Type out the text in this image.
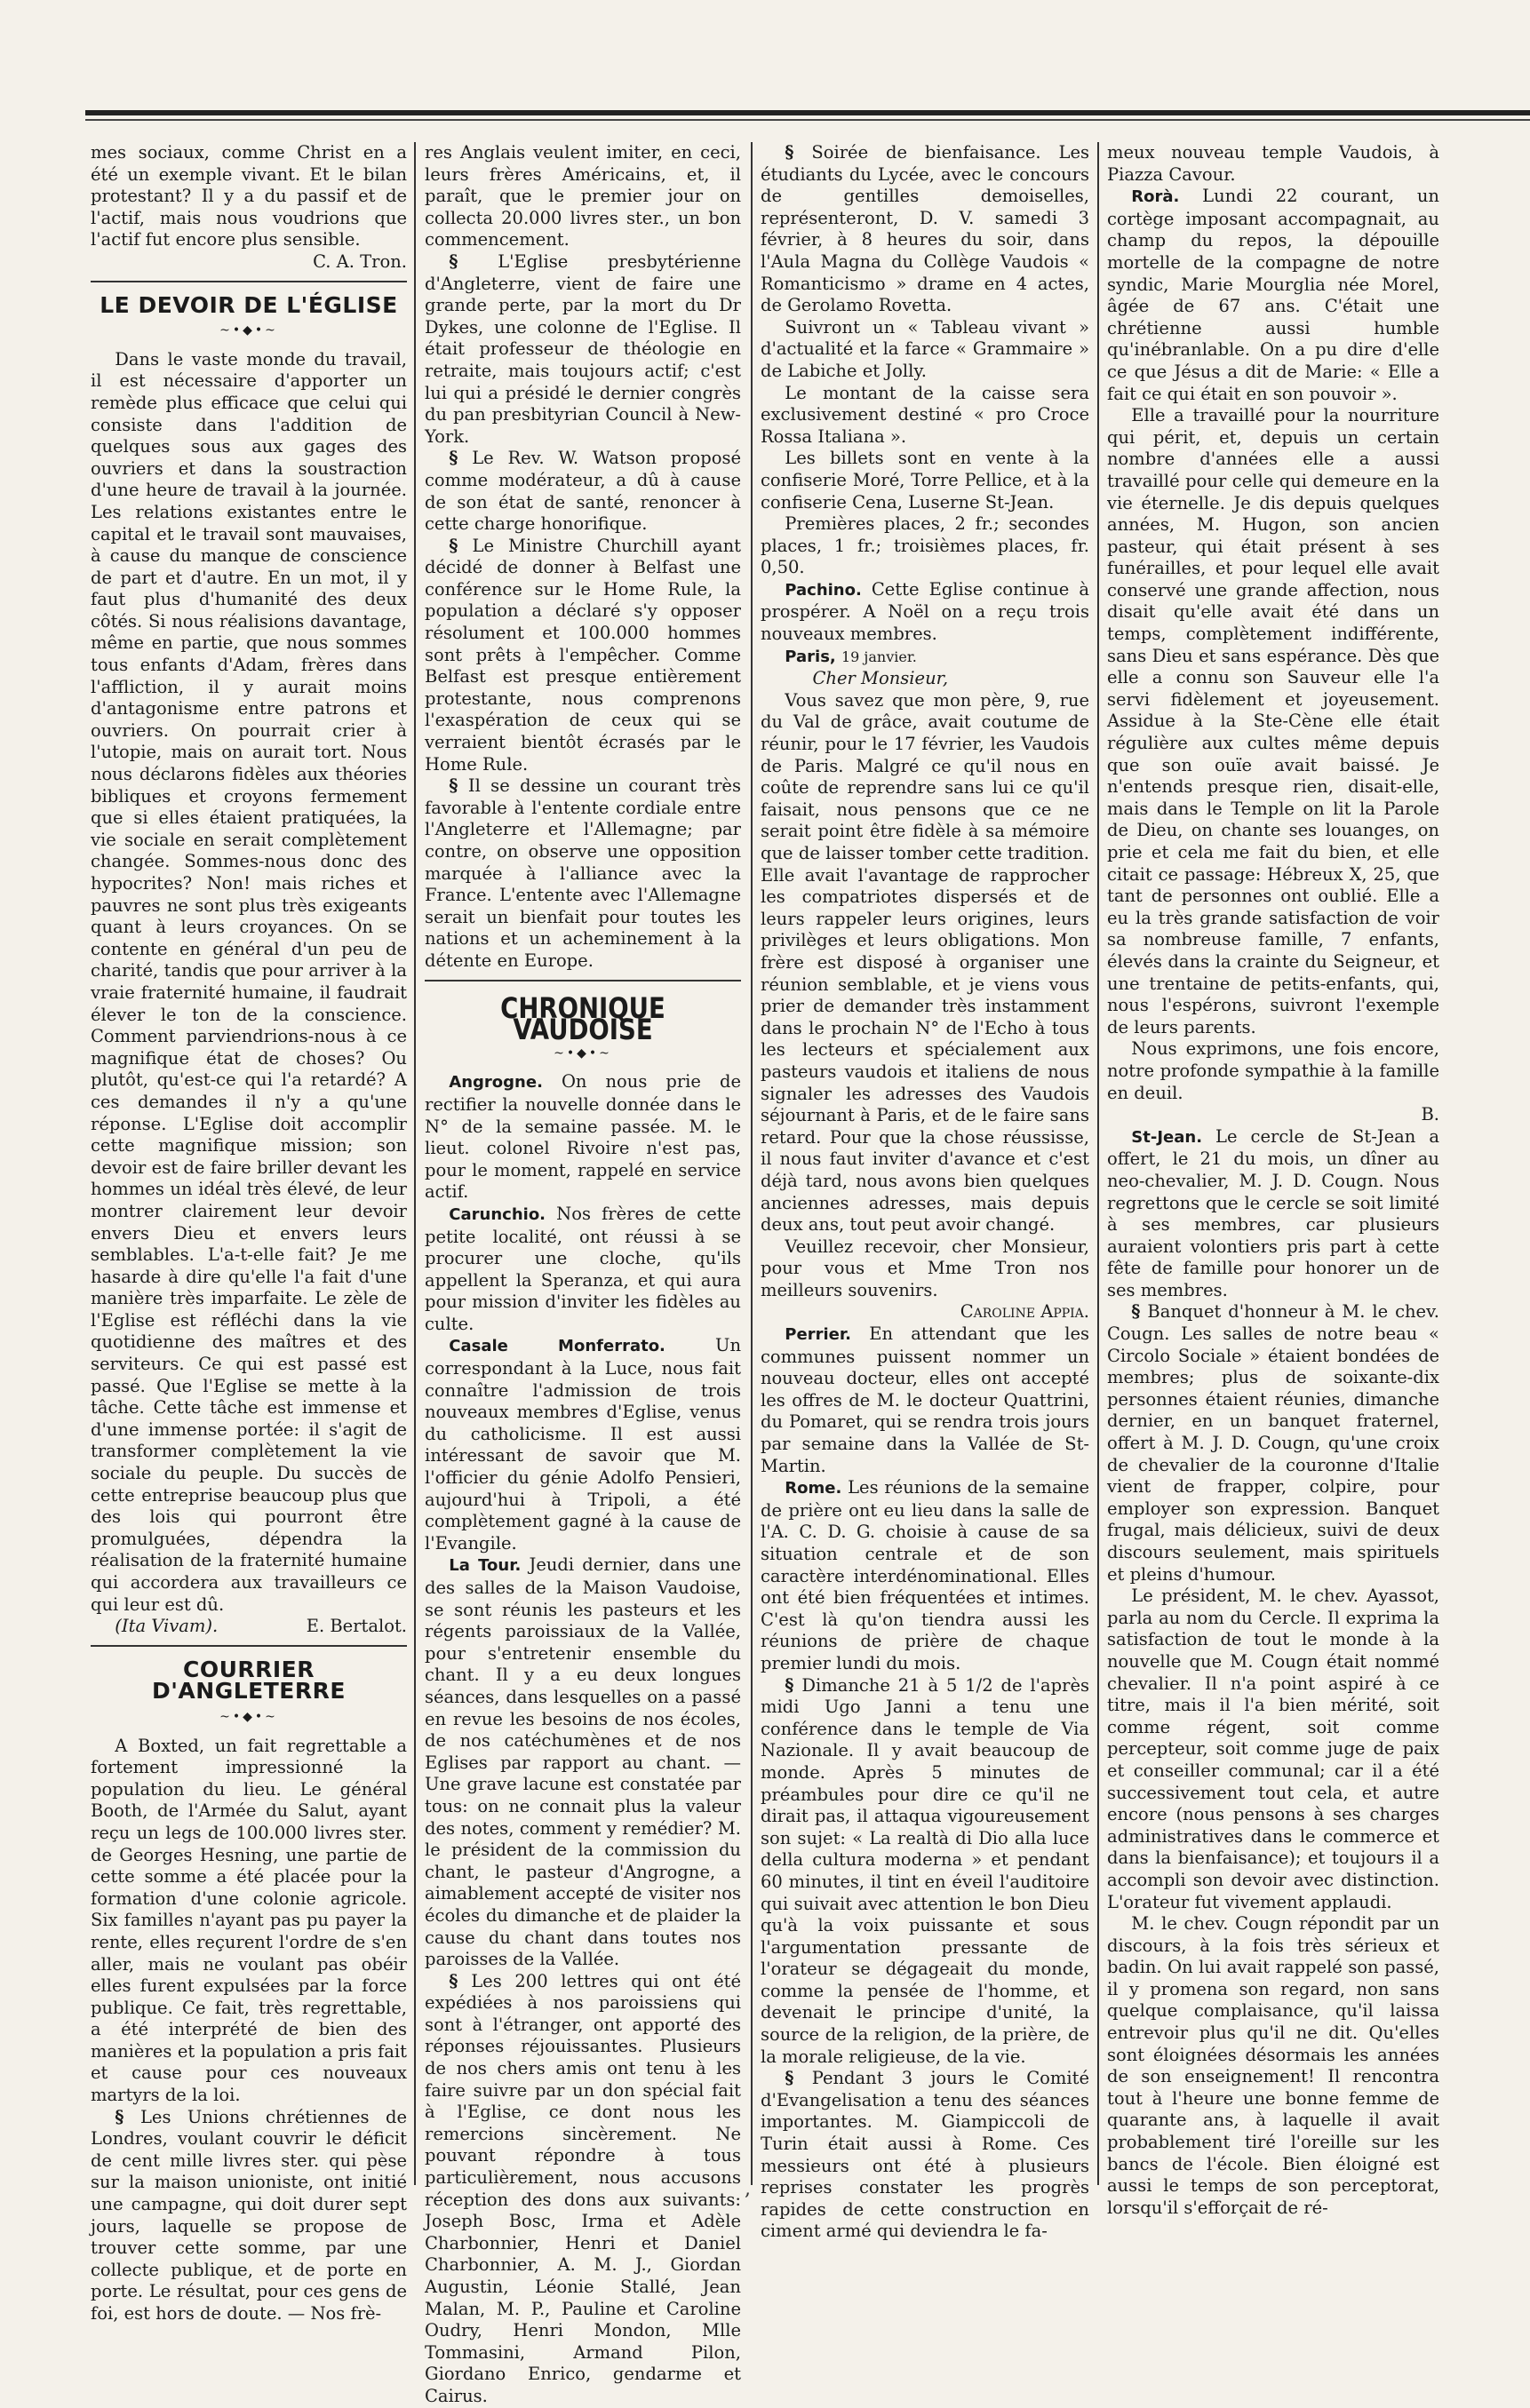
mes sociaux, comme Christ en a été un exemple vivant. Et le bilan protestant? Il y a du passif et de l'actif, mais nous voudrions que l'actif fut encore plus sensible.

C. A. Tron.

LE DEVOIR DE L'ÉGLISE
~•◆•~

Dans le vaste monde du travail, il est nécessaire d'apporter un remède plus efficace que celui qui consiste dans l'addition de quelques sous aux gages des ouvriers et dans la soustraction d'une heure de travail à la journée. Les relations existantes entre le capital et le travail sont mauvaises, à cause du manque de conscience de part et d'autre. En un mot, il y faut plus d'humanité des deux côtés. Si nous réalisions davantage, même en partie, que nous sommes tous enfants d'Adam, frères dans l'affliction, il y aurait moins d'antagonisme entre patrons et ouvriers. On pourrait crier à l'utopie, mais on aurait tort. Nous nous déclarons fidèles aux théories bibliques et croyons fermement que si elles étaient pratiquées, la vie sociale en serait complètement changée. Sommes-nous donc des hypocrites? Non! mais riches et pauvres ne sont plus très exigeants quant à leurs croyances. On se contente en général d'un peu de charité, tandis que pour arriver à la vraie fraternité humaine, il faudrait élever le ton de la conscience. Comment parviendrions-nous à ce magnifique état de choses? Ou plutôt, qu'est-ce qui l'a retardé? A ces demandes il n'y a qu'une réponse. L'Eglise doit accomplir cette magnifique mission; son devoir est de faire briller devant les hommes un idéal très élevé, de leur montrer clairement leur devoir envers Dieu et envers leurs semblables. L'a-t-elle fait? Je me hasarde à dire qu'elle l'a fait d'une manière très imparfaite. Le zèle de l'Eglise est réfléchi dans la vie quotidienne des maîtres et des serviteurs. Ce qui est passé est passé. Que l'Eglise se mette à la tâche. Cette tâche est immense et d'une immense portée: il s'agit de transformer complètement la vie sociale du peuple. Du succès de cette entreprise beaucoup plus que des lois qui pourront être promulguées, dépendra la réalisation de la fraternité humaine qui accordera aux travailleurs ce qui leur est dû.

(Ita Vivam).	E. Bertalot.

COURRIER D'ANGLETERRE
~•◆•~

A Boxted, un fait regrettable a fortement impressionné la population du lieu. Le général Booth, de l'Armée du Salut, ayant reçu un legs de 100.000 livres ster. de Georges Hesning, une partie de cette somme a été placée pour la formation d'une colonie agricole. Six familles n'ayant pas pu payer la rente, elles reçurent l'ordre de s'en aller, mais ne voulant pas obéir elles furent expulsées par la force publique. Ce fait, très regrettable, a été interprété de bien des manières et la population a pris fait et cause pour ces nouveaux martyrs de la loi.

§ Les Unions chrétiennes de Londres, voulant couvrir le déficit de cent mille livres ster. qui pèse sur la maison unioniste, ont initié une campagne, qui doit durer sept jours, laquelle se propose de trouver cette somme, par une collecte publique, et de porte en porte. Le résultat, pour ces gens de foi, est hors de doute. — Nos frè-

res Anglais veulent imiter, en ceci, leurs frères Américains, et, il paraît, que le premier jour on collecta 20.000 livres ster., un bon commencement.

§ L'Eglise presbytérienne d'Angleterre, vient de faire une grande perte, par la mort du Dr Dykes, une colonne de l'Eglise. Il était professeur de théologie en retraite, mais toujours actif; c'est lui qui a présidé le dernier congrès du pan presbityrian Council à New-York.

§ Le Rev. W. Watson proposé comme modérateur, a dû à cause de son état de santé, renoncer à cette charge honorifique.

§ Le Ministre Churchill ayant décidé de donner à Belfast une conférence sur le Home Rule, la population a déclaré s'y opposer résolument et 100.000 hommes sont prêts à l'empêcher. Comme Belfast est presque entièrement protestante, nous comprenons l'exaspération de ceux qui se verraient bientôt écrasés par le Home Rule.

§ Il se dessine un courant très favorable à l'entente cordiale entre l'Angleterre et l'Allemagne; par contre, on observe une opposition marquée à l'alliance avec la France. L'entente avec l'Allemagne serait un bienfait pour toutes les nations et un acheminement à la détente en Europe.

CHRONIQUE VAUDOISE
~•◆•~

Angrogne. On nous prie de rectifier la nouvelle donnée dans le N° de la semaine passée. M. le lieut. colonel Rivoire n'est pas, pour le moment, rappelé en service actif.

Carunchio. Nos frères de cette petite localité, ont réussi à se procurer une cloche, qu'ils appellent la Speranza, et qui aura pour mission d'inviter les fidèles au culte.

Casale Monferrato.	Un correspondant à la Luce, nous fait connaître l'admission de trois nouveaux membres d'Eglise, venus du catholicisme. Il est aussi intéressant de savoir que M. l'officier du génie Adolfo Pensieri, aujourd'hui à Tripoli, a été complètement gagné à la cause de l'Evangile.

La Tour. Jeudi dernier, dans une des salles de la Maison Vaudoise, se sont réunis les pasteurs et les régents paroissiaux de la Vallée, pour s'entretenir ensemble du chant. Il y a eu deux longues séances, dans lesquelles on a passé en revue les besoins de nos écoles, de nos catéchumènes et de nos Eglises par rapport au chant. — Une grave lacune est constatée par tous: on ne connait plus la valeur des notes, comment y remédier? M. le président de la commission du chant, le pasteur d'Angrogne, a aimablement accepté de visiter nos écoles du dimanche et de plaider la cause du chant dans toutes nos paroisses de la Vallée.

§ Les 200 lettres qui ont été expédiées à nos paroissiens qui sont à l'étranger, ont apporté des réponses réjouissantes. Plusieurs de nos chers amis ont tenu à les faire suivre par un don spécial fait à l'Eglise, ce dont nous les remercions sincèrement. Ne pouvant répondre à tous particulièrement, nous accusons réception des dons aux suivants: Joseph Bosc, Irma et Adèle Charbonnier, Henri et Daniel Charbonnier, A. M. J., Giordan Augustin, Léonie Stallé, Jean Malan, M. P., Pauline et Caroline Oudry, Henri Mondon, Mlle Tommasini, Armand Pilon, Giordano Enrico, gendarme et Cairus.

§ Soirée de bienfaisance. Les étudiants du Lycée, avec le concours de gentilles demoiselles, représenteront, D. V. samedi 3 février, à 8 heures du soir, dans l'Aula Magna du Collège Vaudois « Romanticismo » drame en 4 actes, de Gerolamo Rovetta.

Suivront un « Tableau vivant » d'actualité et la farce « Grammaire » de Labiche et Jolly.

Le montant de la caisse sera exclusivement destiné « pro Croce Rossa Italiana ».

Les billets sont en vente à la confiserie Moré, Torre Pellice, et à la confiserie Cena, Luserne St-Jean.

Premières places, 2 fr.; secondes places, 1 fr.; troisièmes places, fr. 0,50.

Pachino. Cette Eglise continue à prospérer. A Noël on a reçu trois nouveaux membres.

Paris, 19 janvier.

Cher Monsieur,

Vous savez que mon père, 9, rue du Val de grâce, avait coutume de réunir, pour le 17 février, les Vaudois de Paris. Malgré ce qu'il nous en coûte de reprendre sans lui ce qu'il faisait, nous pensons que ce ne serait point être fidèle à sa mémoire que de laisser tomber cette tradition. Elle avait l'avantage de rapprocher les compatriotes dispersés et de leurs rappeler leurs origines, leurs privilèges et leurs obligations. Mon frère est disposé à organiser une réunion semblable, et je viens vous prier de demander très instamment dans le prochain N° de l'Echo à tous les lecteurs et spécialement aux pasteurs vaudois et italiens de nous signaler les adresses des Vaudois séjournant à Paris, et de le faire sans retard. Pour que la chose réussisse, il nous faut inviter d'avance et c'est déjà tard, nous avons bien quelques anciennes adresses, mais depuis deux ans, tout peut avoir changé.

Veuillez recevoir, cher Monsieur, pour vous et Mme Tron nos meilleurs souvenirs.

Caroline Appia.

Perrier. En attendant que les communes puissent nommer un nouveau docteur, elles ont accepté les offres de M. le docteur Quattrini, du Pomaret, qui se rendra trois jours par semaine dans la Vallée de St-Martin.

Rome. Les réunions de la semaine de prière ont eu lieu dans la salle de l'A. C. D. G. choisie à cause de sa situation centrale et de son caractère interdénominational. Elles ont été bien fréquentées et intimes. C'est là qu'on tiendra aussi les réunions de prière de chaque premier lundi du mois.

§ Dimanche 21 à 5 1/2 de l'après midi Ugo Janni a tenu une conférence dans le temple de Via Nazionale. Il y avait beaucoup de monde. Après 5 minutes de préambules pour dire ce qu'il ne dirait pas, il attaqua vigoureusement son sujet: « La realtà di Dio alla luce della cultura moderna » et pendant 60 minutes, il tint en éveil l'auditoire qui suivait avec attention le bon Dieu qu'à la voix puissante et sous l'argumentation pressante de l'orateur se dégageait du monde, comme la pensée de l'homme, et devenait le principe d'unité, la source de la religion, de la prière, de la morale religieuse, de la vie.

§ Pendant 3 jours le Comité d'Evangelisation a tenu des séances importantes. M. Giampiccoli de Turin était aussi à Rome. Ces messieurs ont été à plusieurs reprises constater les progrès rapides de cette construction en ciment armé qui deviendra le fa-

meux nouveau temple Vaudois, à Piazza Cavour.

Rorà. Lundi 22 courant, un cortège imposant accompagnait, au champ du repos, la dépouille mortelle de la compagne de notre syndic, Marie Mourglia née Morel, âgée de 67 ans. C'était une chrétienne aussi humble qu'inébranlable. On a pu dire d'elle ce que Jésus a dit de Marie: « Elle a fait ce qui était en son pouvoir ».

Elle a travaillé pour la nourriture qui périt, et, depuis un certain nombre d'années elle a aussi travaillé pour celle qui demeure en la vie éternelle. Je dis depuis quelques années, M. Hugon, son ancien pasteur, qui était présent à ses funérailles, et pour lequel elle avait conservé une grande affection, nous disait qu'elle avait été dans un temps, complètement indifférente, sans Dieu et sans espérance. Dès que elle a connu son Sauveur elle l'a servi fidèlement et joyeusement. Assidue à la Ste-Cène elle était régulière aux cultes même depuis que son ouïe avait baissé. Je n'entends presque rien, disait-elle, mais dans le Temple on lit la Parole de Dieu, on chante ses louanges, on prie et cela me fait du bien, et elle citait ce passage: Hébreux X, 25, que tant de personnes ont oublié. Elle a eu la très grande satisfaction de voir sa nombreuse famille, 7 enfants, élevés dans la crainte du Seigneur, et une trentaine de petits-enfants, qui, nous l'espérons, suivront l'exemple de leurs parents.

Nous exprimons, une fois encore, notre profonde sympathie à la famille en deuil.

B.

St-Jean. Le cercle de St-Jean a offert, le 21 du mois, un dîner au neo-chevalier, M. J. D. Cougn. Nous regrettons que le cercle se soit limité à ses membres, car plusieurs auraient volontiers pris part à cette fête de famille pour honorer un de ses membres.

§ Banquet d'honneur à M. le chev. Cougn. Les salles de notre beau « Circolo Sociale » étaient bondées de membres; plus de soixante-dix personnes étaient réunies, dimanche dernier, en un banquet fraternel, offert à M. J. D. Cougn, qu'une croix de chevalier de la couronne d'Italie vient de frapper, colpire, pour employer son expression. Banquet frugal, mais délicieux, suivi de deux discours seulement, mais spirituels et pleins d'humour.

Le président, M. le chev. Ayassot, parla au nom du Cercle. Il exprima la satisfaction de tout le monde à la nouvelle que M. Cougn était nommé chevalier. Il n'a point aspiré à ce titre, mais il l'a bien mérité, soit comme régent, soit comme percepteur, soit comme juge de paix et conseiller communal; car il a été successivement tout cela, et autre encore (nous pensons à ses charges administratives dans le commerce et dans la bienfaisance); et toujours il a accompli son devoir avec distinction. L'orateur fut vivement applaudi.

M. le chev. Cougn répondit par un discours, à la fois très sérieux et badin. On lui avait rappelé son passé, il y promena son regard, non sans quelque complaisance, qu'il laissa entrevoir plus qu'il ne dit. Qu'elles sont éloignées désormais les années de son enseignement! Il rencontra tout à l'heure une bonne femme de quarante ans, à laquelle il avait probablement tiré l'oreille sur les bancs de l'école. Bien éloigné est aussi le temps de son perceptorat, lorsqu'il s'efforçait de ré-

,
